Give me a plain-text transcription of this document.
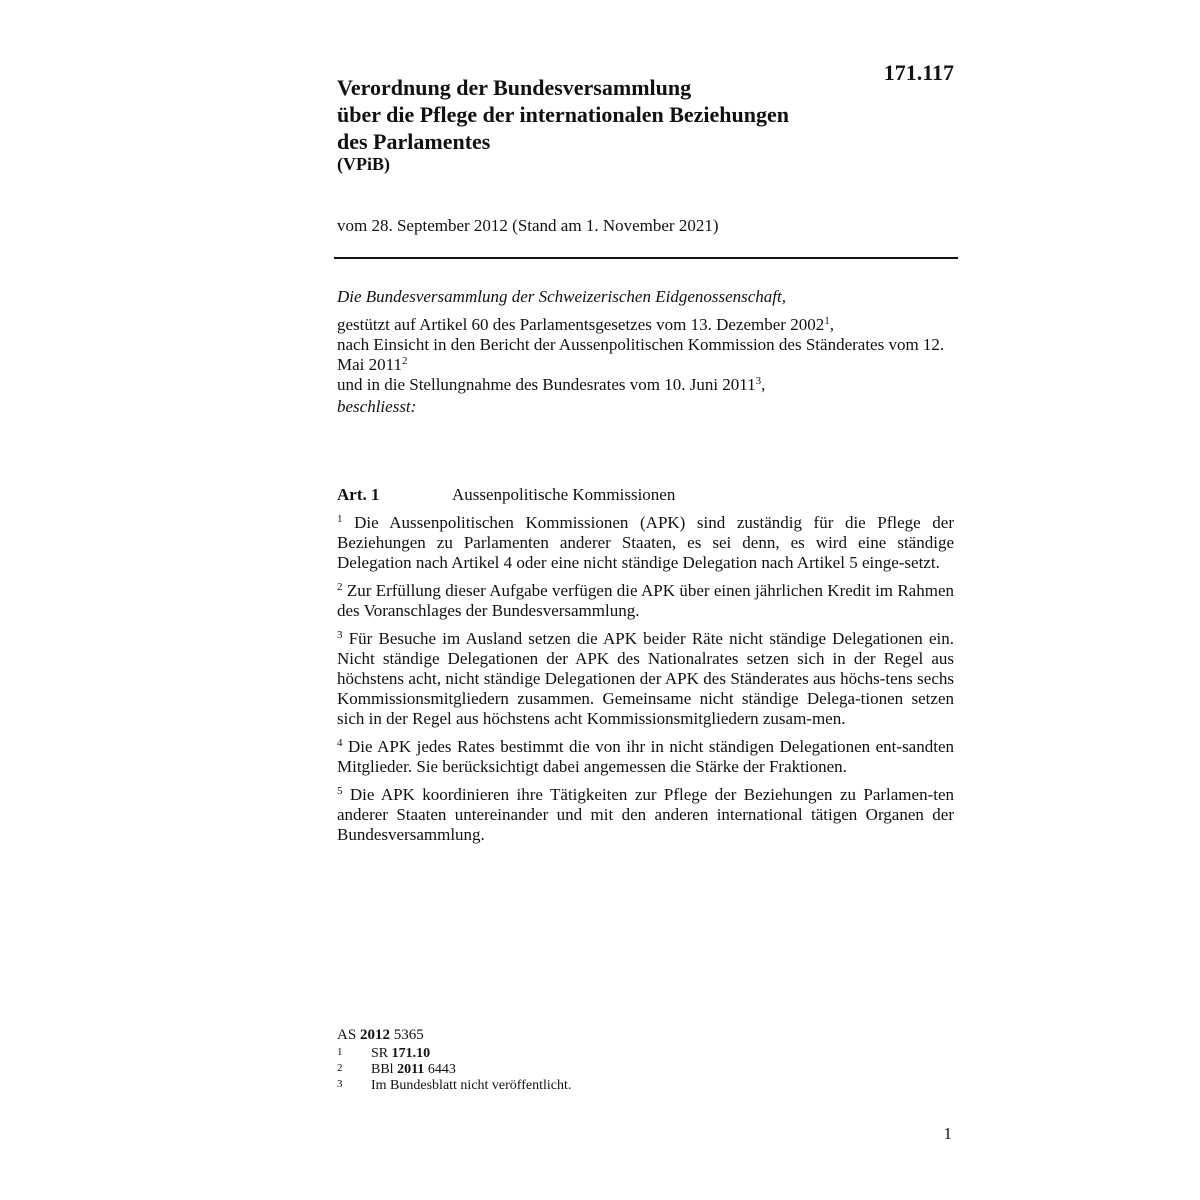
171.117
Verordnung der Bundesversammlung
über die Pflege der internationalen Beziehungen
des Parlamentes
(VPiB)
vom 28. September 2012 (Stand am 1. November 2021)
Die Bundesversammlung der Schweizerischen Eidgenossenschaft,
gestützt auf Artikel 60 des Parlamentsgesetzes vom 13. Dezember 2002$^1$,
nach Einsicht in den Bericht der Aussenpolitischen Kommission des Ständerates vom 12. Mai 2011$^2$
und in die Stellungnahme des Bundesrates vom 10. Juni 2011$^3$,
beschliesst:
Art. 1	Aussenpolitische Kommissionen

$^1$ Die Aussenpolitischen Kommissionen (APK) sind zuständig für die Pflege der Beziehungen zu Parlamenten anderer Staaten, es sei denn, es wird eine ständige Delegation nach Artikel 4 oder eine nicht ständige Delegation nach Artikel 5 einge-setzt.

$^2$ Zur Erfüllung dieser Aufgabe verfügen die APK über einen jährlichen Kredit im Rahmen des Voranschlages der Bundesversammlung.

$^3$ Für Besuche im Ausland setzen die APK beider Räte nicht ständige Delegationen ein. Nicht ständige Delegationen der APK des Nationalrates setzen sich in der Regel aus höchstens acht, nicht ständige Delegationen der APK des Ständerates aus höchs-tens sechs Kommissionsmitgliedern zusammen. Gemeinsame nicht ständige Delega-tionen setzen sich in der Regel aus höchstens acht Kommissionsmitgliedern zusam-men.

$^4$ Die APK jedes Rates bestimmt die von ihr in nicht ständigen Delegationen ent-sandten Mitglieder. Sie berücksichtigt dabei angemessen die Stärke der Fraktionen.

$^5$ Die APK koordinieren ihre Tätigkeiten zur Pflege der Beziehungen zu Parlamen-ten anderer Staaten untereinander und mit den anderen international tätigen Organen der Bundesversammlung.

AS 2012 5365
1 SR 171.10
2 BBl 2011 6443
3 Im Bundesblatt nicht veröffentlicht.
1
